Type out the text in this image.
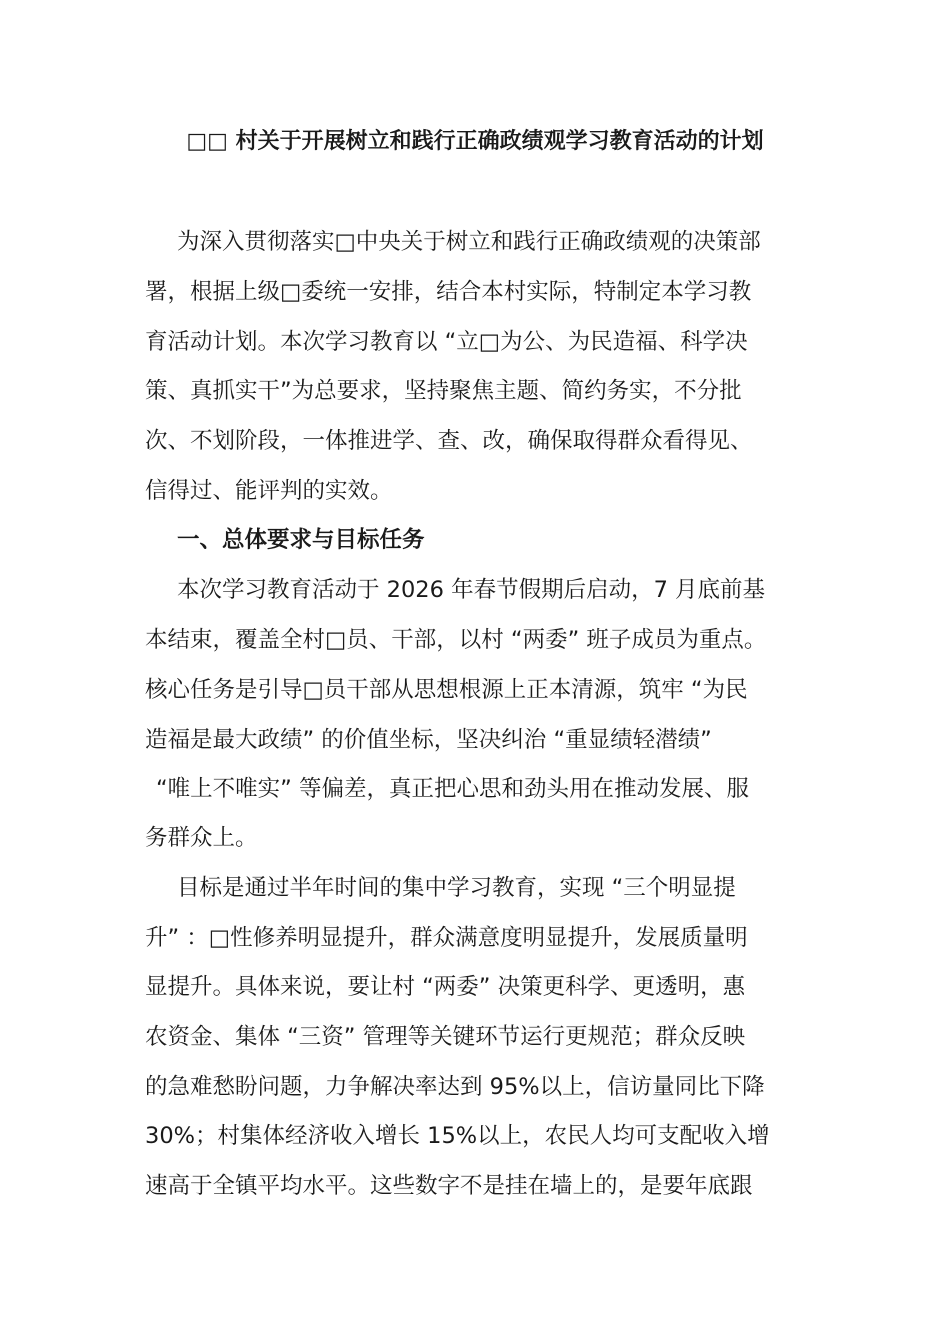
□□ 村关于开展树立和践行正确政绩观学习教育活动的计划

为深入贯彻落实□中央关于树立和践行正确政绩观的决策部

署，根据上级□委统一安排，结合本村实际，特制定本学习教

育活动计划。本次学习教育以 “立□为公、为民造福、科学决

策、真抓实干”为总要求，坚持聚焦主题、简约务实，不分批

次、不划阶段，一体推进学、查、改，确保取得群众看得见、

信得过、能评判的实效。

一、总体要求与目标任务

本次学习教育活动于 2026 年春节假期后启动，7 月底前基

本结束，覆盖全村□员、干部，以村 “两委” 班子成员为重点。

核心任务是引导□员干部从思想根源上正本清源，筑牢 “为民

造福是最大政绩” 的价值坐标，坚决纠治 “重显绩轻潜绩”

“唯上不唯实” 等偏差，真正把心思和劲头用在推动发展、服

务群众上。

目标是通过半年时间的集中学习教育，实现 “三个明显提

升” ：□性修养明显提升，群众满意度明显提升，发展质量明

显提升。具体来说，要让村 “两委” 决策更科学、更透明，惠

农资金、集体 “三资” 管理等关键环节运行更规范；群众反映

的急难愁盼问题，力争解决率达到 95%以上，信访量同比下降

30%；村集体经济收入增长 15%以上，农民人均可支配收入增

速高于全镇平均水平。这些数字不是挂在墙上的，是要年底跟
